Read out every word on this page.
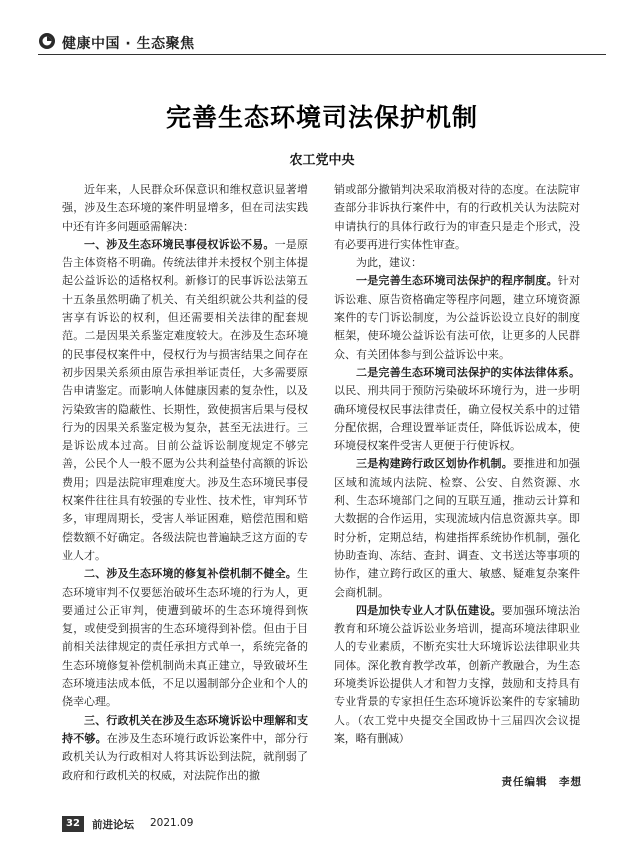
健康中国 · 生态聚焦
完善生态环境司法保护机制
农工党中央

近年来，人民群众环保意识和维权意识显著增强，涉及生态环境的案件明显增多，但在司法实践中还有许多问题亟需解决：

一、涉及生态环境民事侵权诉讼不易。一是原告主体资格不明确。传统法律并未授权个别主体提起公益诉讼的适格权利。新修订的民事诉讼法第五十五条虽然明确了机关、有关组织就公共利益的侵害享有诉讼的权利，但还需要相关法律的配套规范。二是因果关系鉴定难度较大。在涉及生态环境的民事侵权案件中，侵权行为与损害结果之间存在初步因果关系须由原告承担举证责任，大多需要原告申请鉴定。而影响人体健康因素的复杂性，以及污染致害的隐蔽性、长期性，致使损害后果与侵权行为的因果关系鉴定极为复杂，甚至无法进行。三是诉讼成本过高。目前公益诉讼制度规定不够完善，公民个人一般不愿为公共利益垫付高额的诉讼费用；四是法院审理难度大。涉及生态环境民事侵权案件往往具有较强的专业性、技术性，审判环节多，审理周期长，受害人举证困难，赔偿范围和赔偿数额不好确定。各级法院也普遍缺乏这方面的专业人才。

二、涉及生态环境的修复补偿机制不健全。生态环境审判不仅要惩治破坏生态环境的行为人，更要通过公正审判，使遭到破坏的生态环境得到恢复，或使受到损害的生态环境得到补偿。但由于目前相关法律规定的责任承担方式单一，系统完备的生态环境修复补偿机制尚未真正建立，导致破坏生态环境违法成本低，不足以遏制部分企业和个人的侥幸心理。

三、行政机关在涉及生态环境诉讼中理解和支持不够。在涉及生态环境行政诉讼案件中，部分行政机关认为行政相对人将其诉讼到法院，就削弱了政府和行政机关的权威，对法院作出的撤

销或部分撤销判决采取消极对待的态度。在法院审查部分非诉执行案件中，有的行政机关认为法院对申请执行的具体行政行为的审查只是走个形式，没有必要再进行实体性审查。

为此，建议：

一是完善生态环境司法保护的程序制度。针对诉讼难、原告资格确定等程序问题，建立环境资源案件的专门诉讼制度，为公益诉讼设立良好的制度框架，使环境公益诉讼有法可依，让更多的人民群众、有关团体参与到公益诉讼中来。

二是完善生态环境司法保护的实体法律体系。以民、刑共同于预防污染破坏环境行为，进一步明确环境侵权民事法律责任，确立侵权关系中的过错分配依据，合理设置举证责任，降低诉讼成本，使环境侵权案件受害人更便于行使诉权。

三是构建跨行政区划协作机制。要推进和加强区域和流域内法院、检察、公安、自然资源、水利、生态环境部门之间的互联互通，推动云计算和大数据的合作运用，实现流域内信息资源共享。即时分析，定期总结，构建指挥系统协作机制，强化协助查询、冻结、查封、调查、文书送达等事项的协作，建立跨行政区的重大、敏感、疑难复杂案件会商机制。

四是加快专业人才队伍建设。要加强环境法治教育和环境公益诉讼业务培训，提高环境法律职业人的专业素质，不断充实壮大环境诉讼法律职业共同体。深化教育教学改革，创新产教融合，为生态环境类诉讼提供人才和智力支撑，鼓励和支持具有专业背景的专家担任生态环境诉讼案件的专家辅助人。（农工党中央提交全国政协十三届四次会议提案，略有删减）

责任编辑　李想
32	前进论坛 2021.09
